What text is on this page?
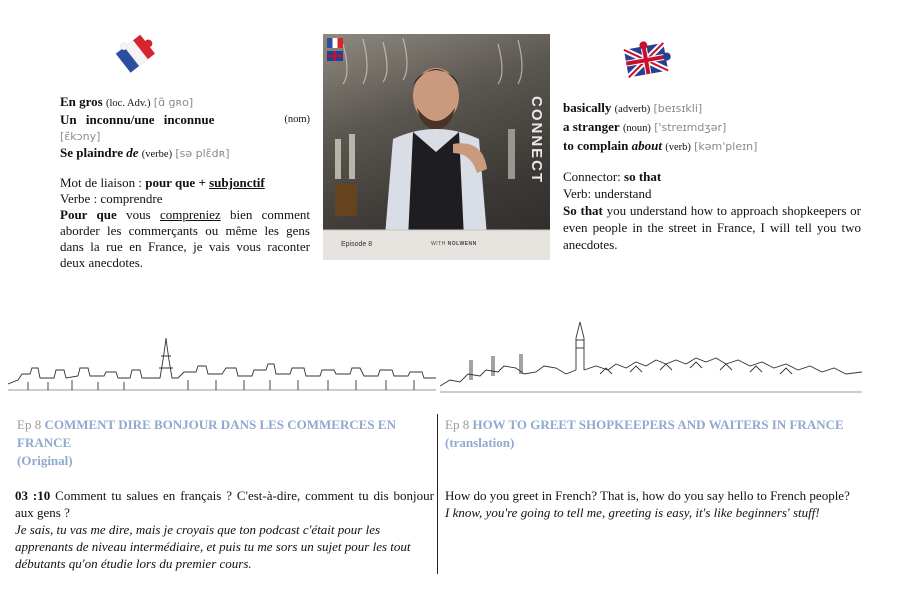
En gros (loc. Adv.) [ɑ̃ ɡʀo]
Un inconnu/une inconnue	(nom)
[ɛ̃kɔny]
Se plaindre de (verbe) [sə plɛ̃dʀ]
Mot de liaison : pour que + subjonctif
Verbe : comprendre
Pour que vous compreniez bien comment aborder les commerçants ou même les gens dans la rue en France, je vais vous raconter deux anecdotes.
CONNECT
Episode 8	WITH NOLWENN
basically (adverb) [beɪsɪkli]
a stranger (noun) ['streɪmdʒər]
to complain about (verb) [kəm'pleɪn]
Connector: so that
Verb: understand
So that you understand how to approach shopkeepers or even people in the street in France, I will tell you two anecdotes.
Ep 8 COMMENT DIRE BONJOUR DANS LES COMMERCES EN FRANCE
(Original)
Ep 8 HOW TO GREET SHOPKEEPERS AND WAITERS IN FRANCE
(translation)
03 :10 Comment tu salues en français ? C'est-à-dire, comment tu dis bonjour aux gens ?
Je sais, tu vas me dire, mais je croyais que ton podcast c'était pour les apprenants de niveau intermédiaire, et puis tu me sors un sujet pour les tout débutants qu'on étudie lors du premier cours.
How do you greet in French? That is, how do you say hello to French people?
I know, you're going to tell me, greeting is easy, it's like beginners' stuff!
